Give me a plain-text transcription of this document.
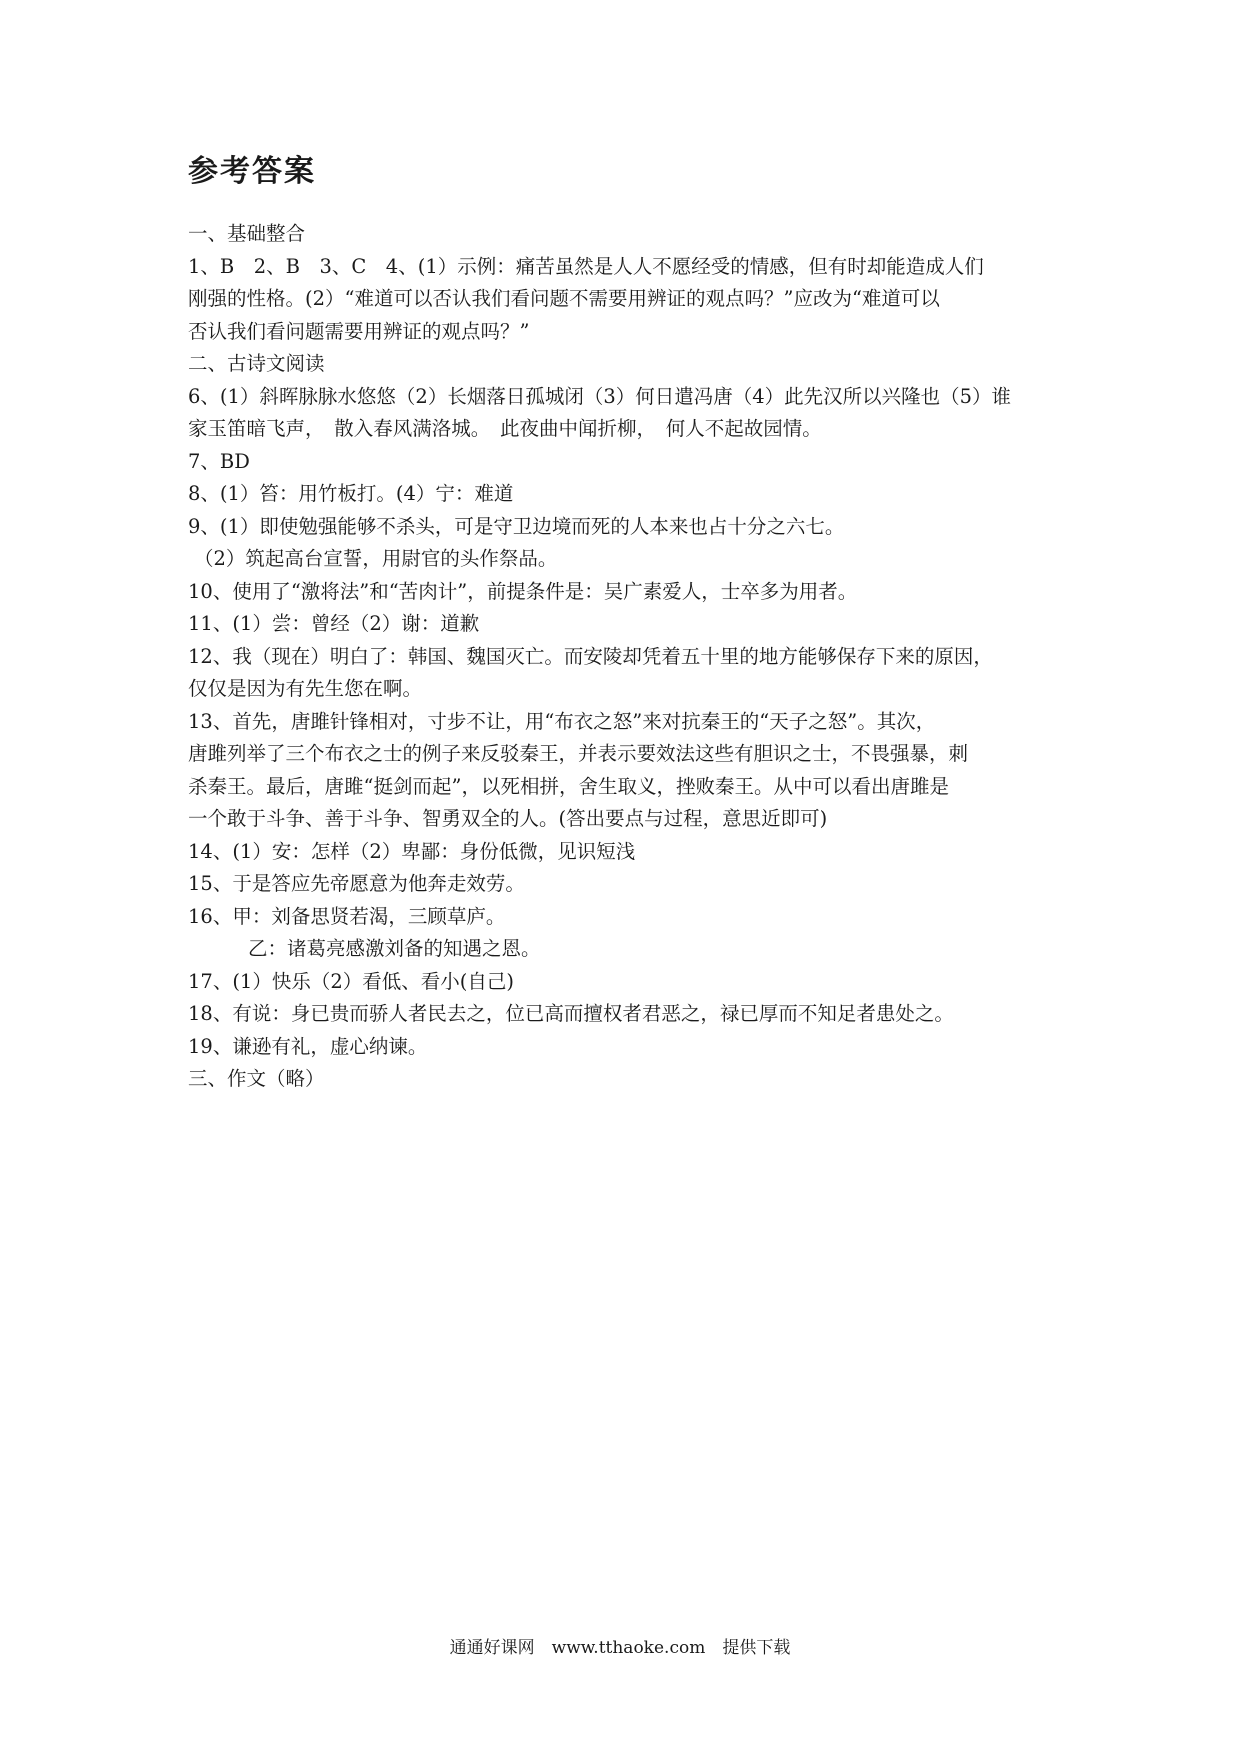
参考答案

一、基础整合

1、B　2、B　3、C　4、(1）示例：痛苦虽然是人人不愿经受的情感，但有时却能造成人们

刚强的性格。(2）“难道可以否认我们看问题不需要用辨证的观点吗？”应改为“难道可以

否认我们看问题需要用辨证的观点吗？”

二、古诗文阅读

6、(1）斜晖脉脉水悠悠（2）长烟落日孤城闭（3）何日遣冯唐（4）此先汉所以兴隆也（5）谁

家玉笛暗飞声，　散入春风满洛城。　此夜曲中闻折柳，　何人不起故园情。

7、BD

8、(1）笞：用竹板打。(4）宁：难道

9、(1）即使勉强能够不杀头，可是守卫边境而死的人本来也占十分之六七。

（2）筑起高台宣誓，用尉官的头作祭品。

10、使用了“激将法”和“苦肉计”，前提条件是：吴广素爱人，士卒多为用者。

11、(1）尝：曾经（2）谢：道歉

12、我（现在）明白了：韩国、魏国灭亡。而安陵却凭着五十里的地方能够保存下来的原因，

仅仅是因为有先生您在啊。

13、首先，唐雎针锋相对，寸步不让，用“布衣之怒”来对抗秦王的“天子之怒”。其次，

唐雎列举了三个布衣之士的例子来反驳秦王，并表示要效法这些有胆识之士，不畏强暴，刺

杀秦王。最后，唐雎“挺剑而起”，以死相拼，舍生取义，挫败秦王。从中可以看出唐雎是

一个敢于斗争、善于斗争、智勇双全的人。(答出要点与过程，意思近即可)

14、(1）安：怎样（2）卑鄙：身份低微，见识短浅

15、于是答应先帝愿意为他奔走效劳。

16、甲：刘备思贤若渴，三顾草庐。

乙：诸葛亮感激刘备的知遇之恩。

17、(1）快乐（2）看低、看小(自己)

18、有说：身已贵而骄人者民去之，位已高而擅权者君恶之，禄已厚而不知足者患处之。

19、谦逊有礼，虚心纳谏。

三、作文（略）

通通好课网　www.tthaoke.com　提供下载
